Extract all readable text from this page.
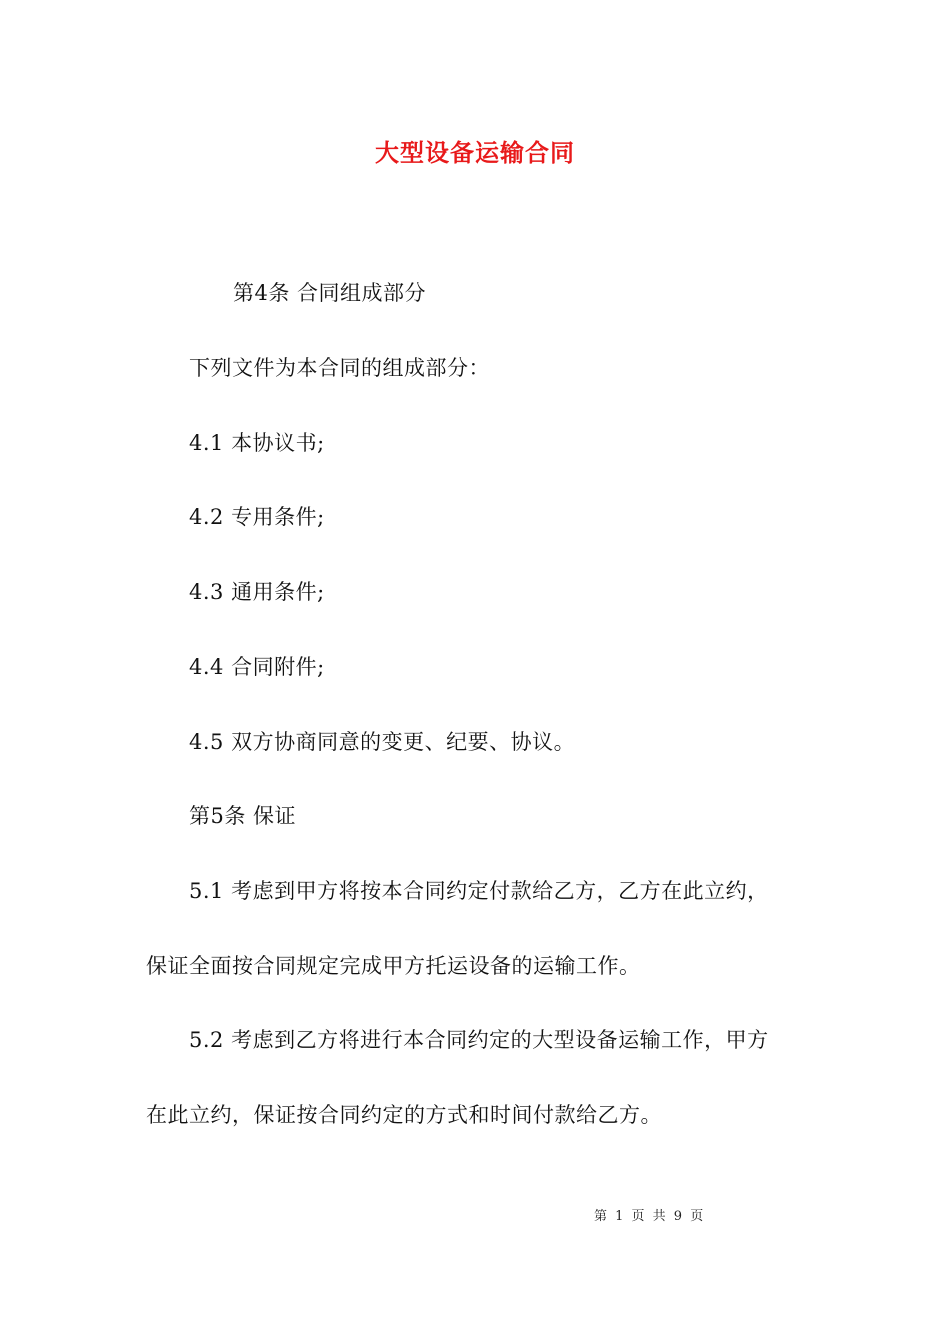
大型设备运输合同
第4条 合同组成部分
下列文件为本合同的组成部分：
4.1 本协议书;
4.2 专用条件;
4.3 通用条件;
4.4 合同附件;
4.5 双方协商同意的变更、纪要、协议。
第5条 保证
5.1 考虑到甲方将按本合同约定付款给乙方，乙方在此立约，
保证全面按合同规定完成甲方托运设备的运输工作。
5.2 考虑到乙方将进行本合同约定的大型设备运输工作，甲方
在此立约，保证按合同约定的方式和时间付款给乙方。
第 1 页 共 9 页
